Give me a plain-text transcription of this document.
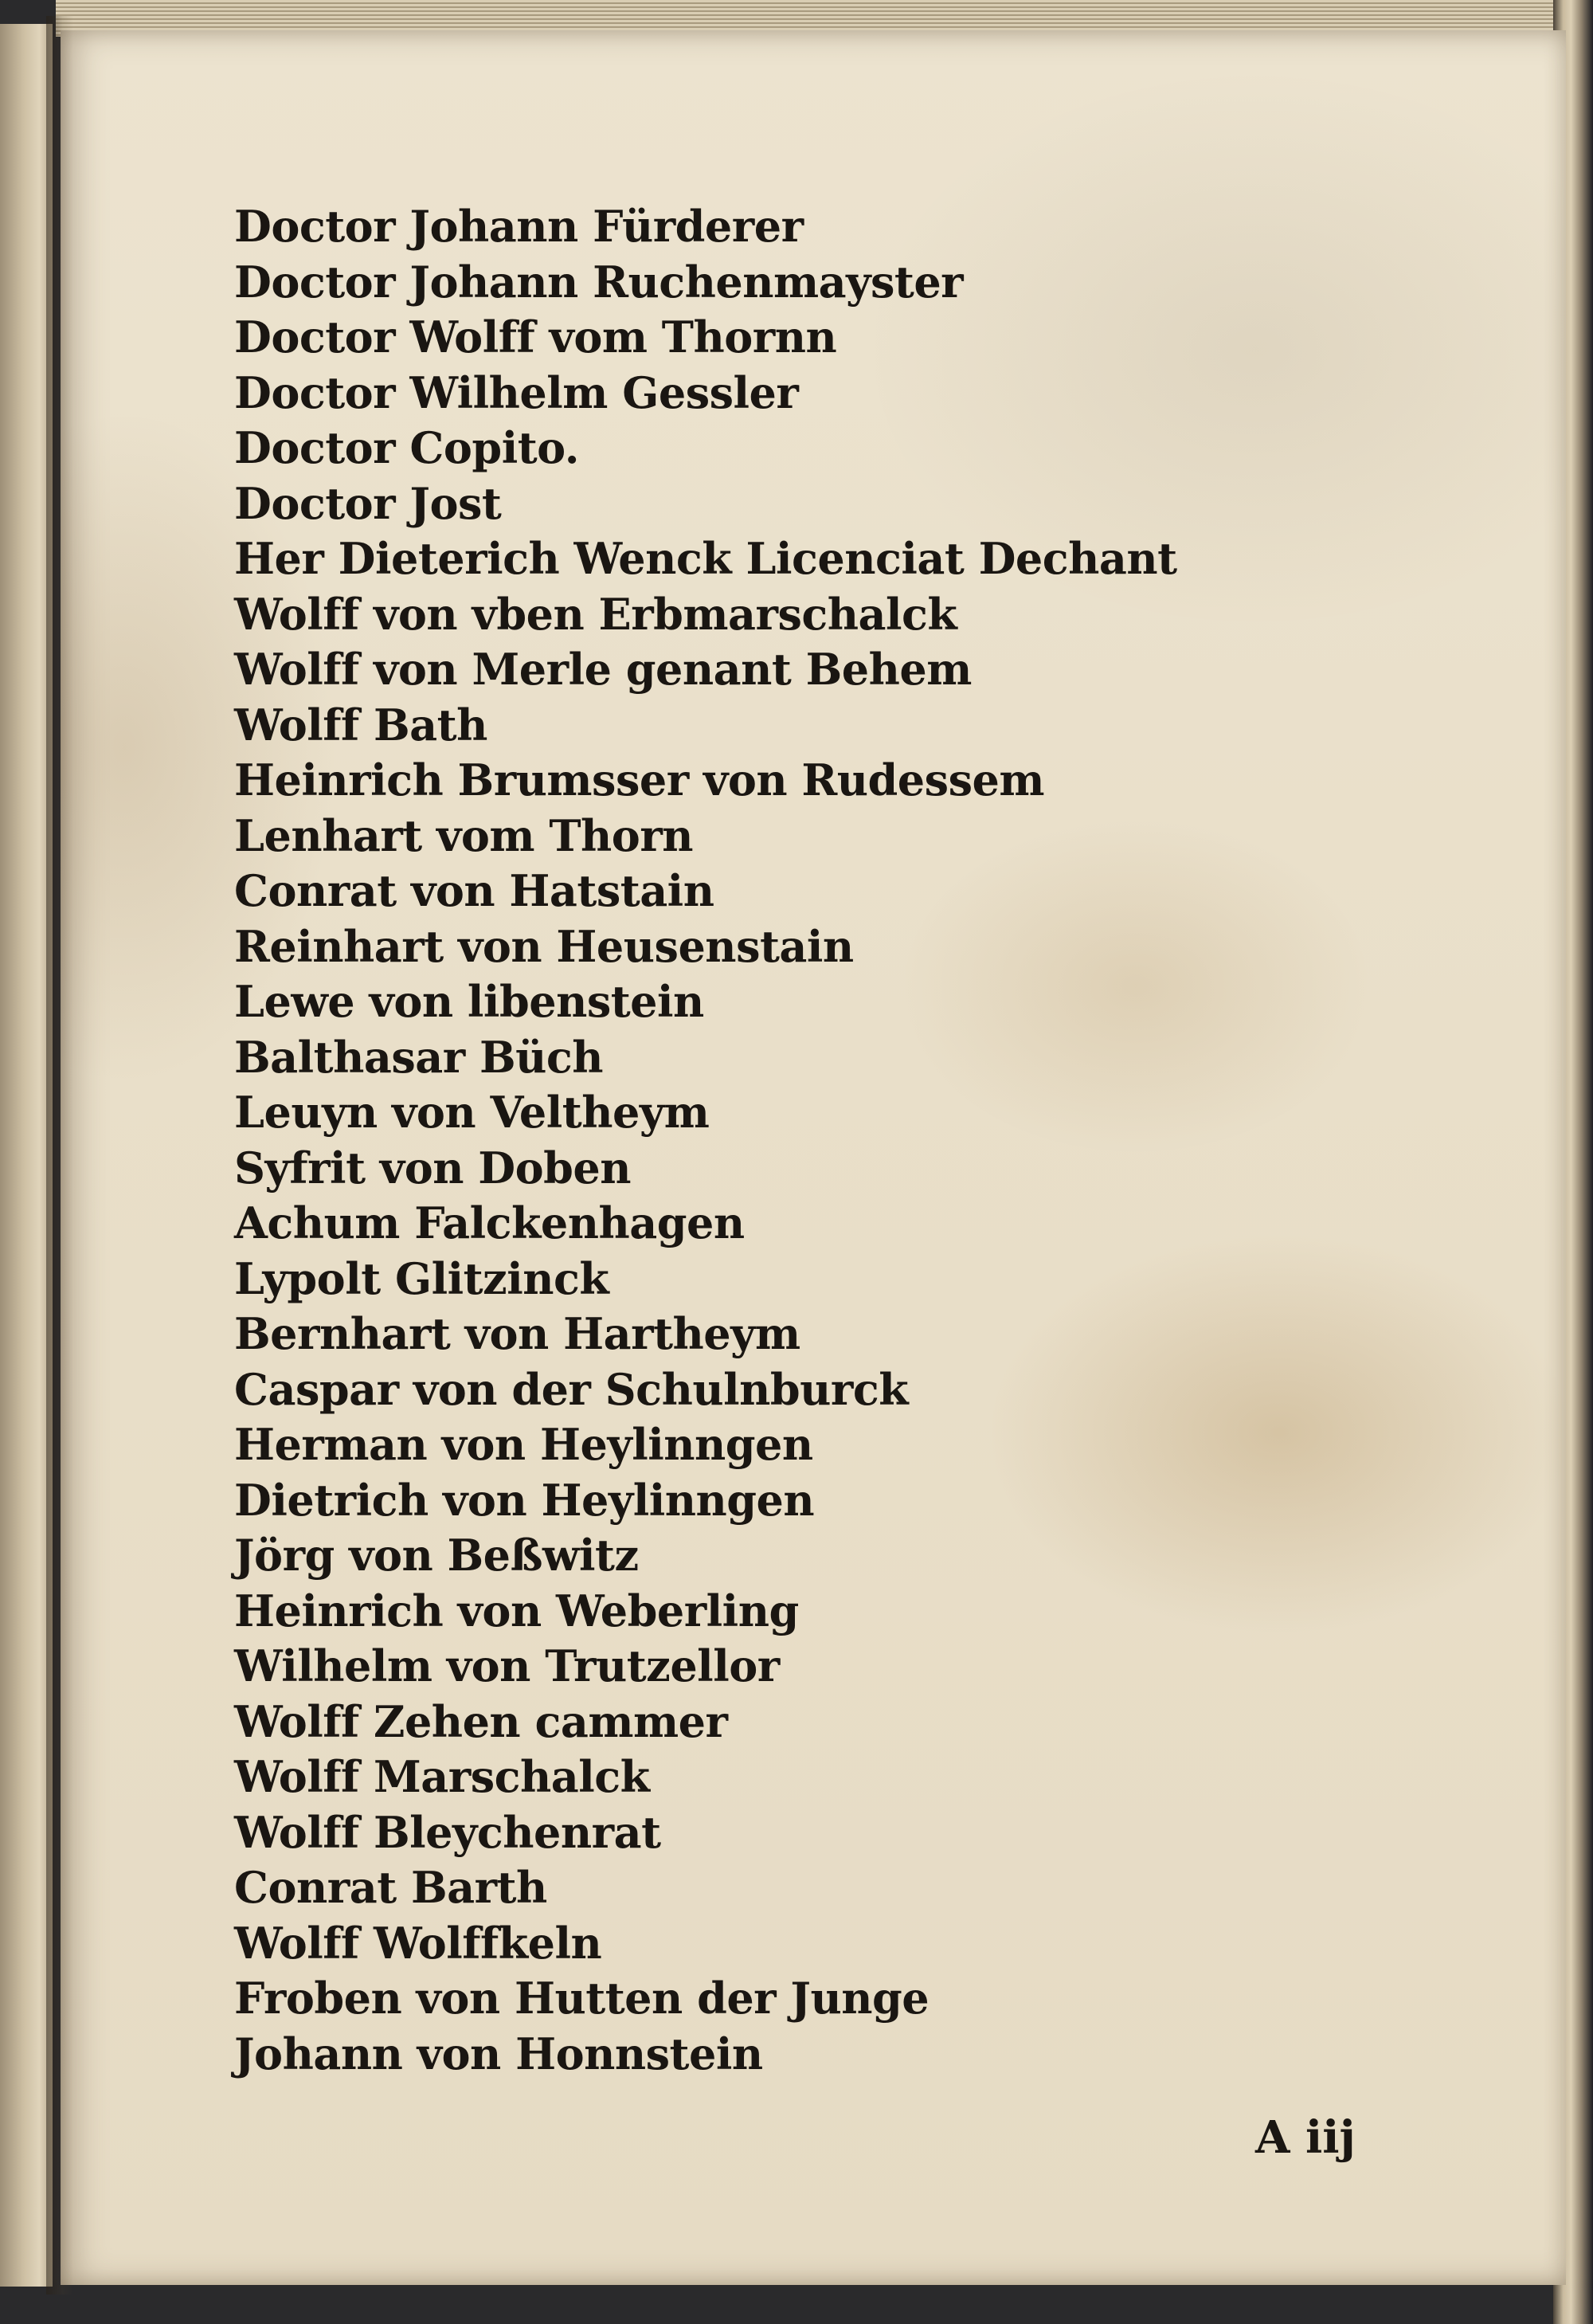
Doctor Johann Fürderer
Doctor Johann Ruchenmayster
Doctor Wolff vom Thornn
Doctor Wilhelm Gessler
Doctor Copito.
Doctor Jost
Her Dieterich Wenck Licenciat Dechant
Wolff von vben Erbmarschalck
Wolff von Merle genant Behem
Wolff Bath
Heinrich Brumsser von Rudessem
Lenhart vom Thorn
Conrat von Hatstain
Reinhart von Heusenstain
Lewe von libenstein
Balthasar Büch
Leuyn von Veltheym
Syfrit von Doben
Achum Falckenhagen
Lypolt Glitzinck
Bernhart von Hartheym
Caspar von der Schulnburck
Herman von Heylinngen
Dietrich von Heylinngen
Jörg von Beßwitz
Heinrich von Weberling
Wilhelm von Trutzellor
Wolff Zehen cammer
Wolff Marschalck
Wolff Bleychenrat
Conrat Barth
Wolff Wolffkeln
Froben von Hutten der Junge
Johann von Honnstein
A iij
